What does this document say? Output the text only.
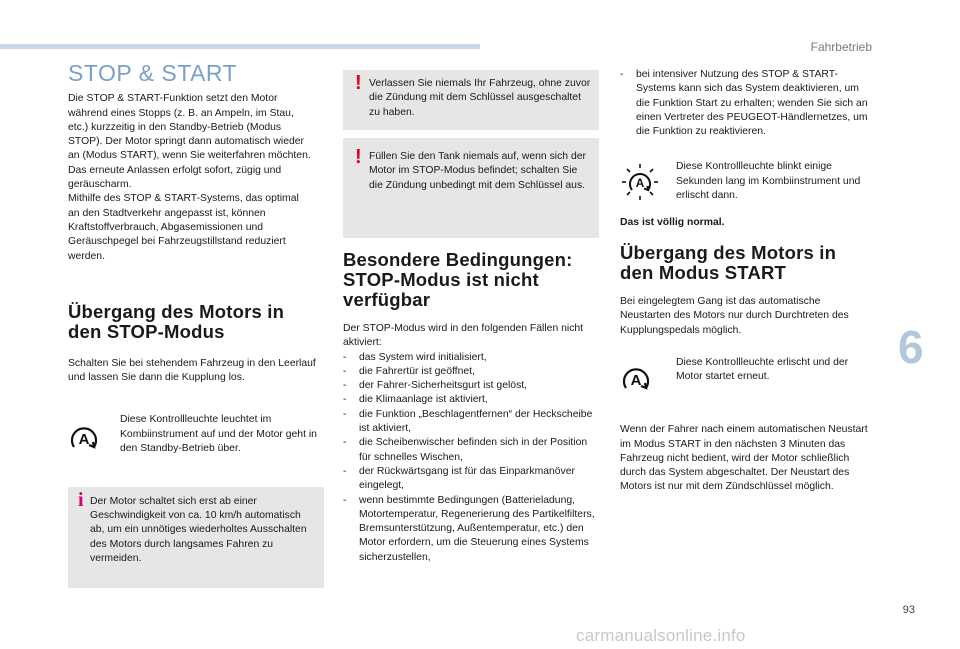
Fahrbetrieb
6
93
carmanualsonline.info
STOP & START

Die STOP & START-Funktion setzt den Motor
während eines Stopps (z. B. an Ampeln, im Stau,
etc.) kurzzeitig in den Standby-Betrieb (Modus
STOP). Der Motor springt dann automatisch wieder
an (Modus START), wenn Sie weiterfahren möchten.
Das erneute Anlassen erfolgt sofort, zügig und
geräuscharm.
Mithilfe des STOP & START-Systems, das optimal
an den Stadtverkehr angepasst ist, können
Kraftstoffverbrauch, Abgasemissionen und
Geräuschpegel bei Fahrzeugstillstand reduziert
werden.

Übergang des Motors in den STOP-Modus

Schalten Sie bei stehendem Fahrzeug in den Leerlauf und lassen Sie dann die Kupplung los.

A
Diese Kontrollleuchte leuchtet im Kombiinstrument auf und der Motor geht in den Standby-Betrieb über.
i Der Motor schaltet sich erst ab einer Geschwindigkeit von ca. 10 km/h automatisch ab, um ein unnötiges wiederholtes Ausschalten des Motors durch langsames Fahren zu vermeiden.
! Verlassen Sie niemals Ihr Fahrzeug, ohne zuvor die Zündung mit dem Schlüssel ausgeschaltet zu haben.
! Füllen Sie den Tank niemals auf, wenn sich der Motor im STOP-Modus befindet; schalten Sie die Zündung unbedingt mit dem Schlüssel aus.
Besondere Bedingungen: STOP-Modus ist nicht verfügbar

Der STOP-Modus wird in den folgenden Fällen nicht aktiviert:

- das System wird initialisiert,
- die Fahrertür ist geöffnet,
- der Fahrer-Sicherheitsgurt ist gelöst,
- die Klimaanlage ist aktiviert,
- die Funktion „Beschlagentfernen“ der Heckscheibe ist aktiviert,
- die Scheibenwischer befinden sich in der Position für schnelles Wischen,
- der Rückwärtsgang ist für das Einparkmanöver eingelegt,
- wenn bestimmte Bedingungen (Batterieladung, Motortemperatur, Regenerierung des Partikelfilters, Bremsunterstützung, Außentemperatur, etc.) den Motor erfordern, um die Steuerung eines Systems sicherzustellen,
- bei intensiver Nutzung des STOP & START-Systems kann sich das System deaktivieren, um die Funktion Start zu erhalten; wenden Sie sich an einen Vertreter des PEUGEOT-Händlernetzes, um die Funktion zu reaktivieren.
A
Diese Kontrollleuchte blinkt einige Sekunden lang im Kombiinstrument und erlischt dann.

Das ist völlig normal.

Übergang des Motors in den Modus START

Bei eingelegtem Gang ist das automatische Neustarten des Motors nur durch Durchtreten des Kupplungspedals möglich.

A
Diese Kontrollleuchte erlischt und der Motor startet erneut.

Wenn der Fahrer nach einem automatischen Neustart im Modus START in den nächsten 3 Minuten das Fahrzeug nicht bedient, wird der Motor schließlich durch das System abgeschaltet. Der Neustart des Motors ist nur mit dem Zündschlüssel möglich.
